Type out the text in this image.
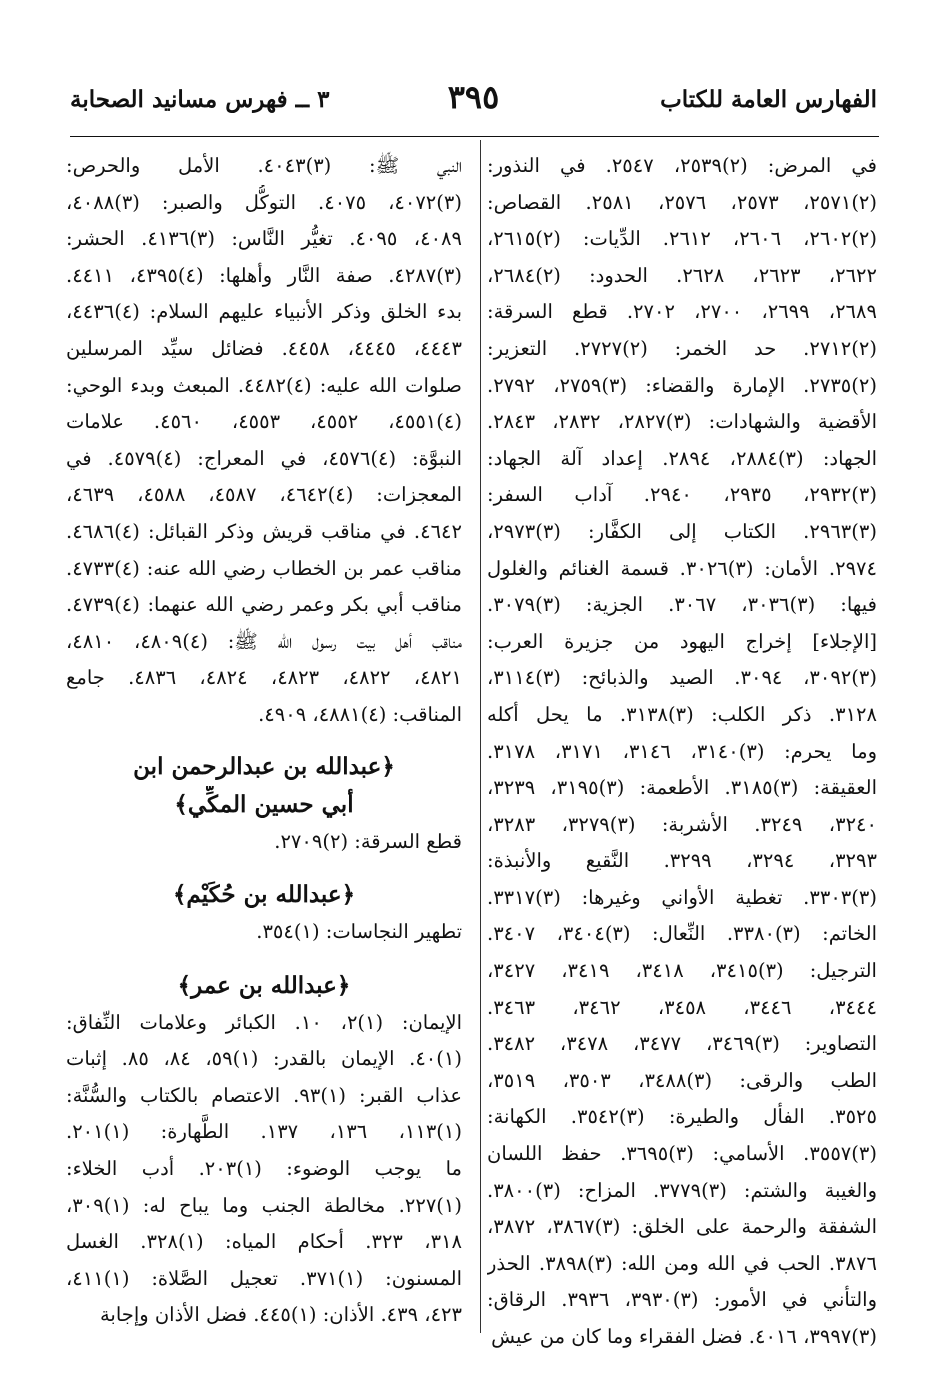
الفهارس العامة للكتاب
٣٩٥
٣ ــ فهرس مسانيد الصحابة
في المرض: (٢)٢٥٣٩، ٢٥٤٧. في النذور:
(٢)٢٥٧١، ٢٥٧٣، ٢٥٧٦، ٢٥٨١. القصاص:
(٢)٢٦٠٢، ٢٦٠٦، ٢٦١٢. الدِّيات: (٢)٢٦١٥،
٢٦٢٢، ٢٦٢٣، ٢٦٢٨. الحدود: (٢)٢٦٨٤،
٢٦٨٩، ٢٦٩٩، ٢٧٠٠، ٢٧٠٢. قطع السرقة:
(٢)٢٧١٢. حد الخمر: (٢)٢٧٢٧. التعزير:
(٢)٢٧٣٥. الإمارة والقضاء: (٣)٢٧٥٩، ٢٧٩٢.
الأقضية والشهادات: (٣)٢٨٢٧، ٢٨٣٢، ٢٨٤٣.
الجهاد: (٣)٢٨٨٤، ٢٨٩٤. إعداد آلة الجهاد:
(٣)٢٩٣٢، ٢٩٣٥، ٢٩٤٠. آداب السفر:
(٣)٢٩٦٣. الكتاب إلى الكفَّار: (٣)٢٩٧٣،
٢٩٧٤. الأمان: (٣)٣٠٢٦. قسمة الغنائم والغلول
فيها: (٣)٣٠٣٦، ٣٠٦٧. الجزية: (٣)٣٠٧٩.
[الإجلاء] إخراج اليهود من جزيرة العرب:
(٣)٣٠٩٢، ٣٠٩٤. الصيد والذبائح: (٣)٣١١٤،
٣١٢٨. ذكر الكلب: (٣)٣١٣٨. ما يحل أكله
وما يحرم: (٣)٣١٤٠، ٣١٤٦، ٣١٧١، ٣١٧٨.
العقيقة: (٣)٣١٨٥. الأطعمة: (٣)٣١٩٥، ٣٢٣٩،
٣٢٤٠، ٣٢٤٩. الأشربة: (٣)٣٢٧٩، ٣٢٨٣،
٣٢٩٣، ٣٢٩٤، ٣٢٩٩. النَّقيع والأنبذة:
(٣)٣٣٠٣. تغطية الأواني وغيرها: (٣)٣٣١٧.
الخاتم: (٣)٣٣٨٠. النِّعال: (٣)٣٤٠٤، ٣٤٠٧.
الترجيل: (٣)٣٤١٥، ٣٤١٨، ٣٤١٩، ٣٤٢٧،
٣٤٤٤، ٣٤٤٦، ٣٤٥٨، ٣٤٦٢، ٣٤٦٣.
التصاوير: (٣)٣٤٦٩، ٣٤٧٧، ٣٤٧٨، ٣٤٨٢.
الطب والرقى: (٣)٣٤٨٨، ٣٥٠٣، ٣٥١٩،
٣٥٢٥. الفأل والطيرة: (٣)٣٥٤٢. الكهانة:
(٣)٣٥٥٧. الأسامي: (٣)٣٦٩٥. حفظ اللسان
والغيبة والشتم: (٣)٣٧٧٩. المزاح: (٣)٣٨٠٠.
الشفقة والرحمة على الخلق: (٣)٣٨٦٧، ٣٨٧٢،
٣٨٧٦. الحب في الله ومن الله: (٣)٣٨٩٨. الحذر
والتأني في الأمور: (٣)٣٩٣٠، ٣٩٣٦. الرقاق:
(٣)٣٩٩٧، ٤٠١٦. فضل الفقراء وما كان من عيش
النبي ﷺ: (٣)٤٠٤٣. الأمل والحرص:
(٣)٤٠٧٢، ٤٠٧٥. التوكُّل والصبر: (٣)٤٠٨٨،
٤٠٨٩، ٤٠٩٥. تغيُّر النَّاس: (٣)٤١٣٦. الحشر:
(٣)٤٢٨٧. صفة النَّار وأهلها: (٤)٤٣٩٥، ٤٤١١.
بدء الخلق وذكر الأنبياء عليهم السلام: (٤)٤٤٣٦،
٤٤٤٣، ٤٤٤٥، ٤٤٥٨. فضائل سيِّد المرسلين
صلوات الله عليه: (٤)٤٤٨٢. المبعث وبدء الوحي:
(٤)٤٥٥١، ٤٥٥٢، ٤٥٥٣، ٤٥٦٠. علامات
النبوَّة: (٤)٤٥٧٦، في المعراج: (٤)٤٥٧٩. في
المعجزات: (٤)٤٦٤٢، ٤٥٨٧، ٤٥٨٨، ٤٦٣٩،
٤٦٤٢. في مناقب قريش وذكر القبائل: (٤)٤٦٨٦.
مناقب عمر بن الخطاب رضي الله عنه: (٤)٤٧٣٣.
مناقب أبي بكر وعمر رضي الله عنهما: (٤)٤٧٣٩.
مناقب أهل بيت رسول الله ﷺ: (٤)٤٨٠٩، ٤٨١٠،
٤٨٢١، ٤٨٢٢، ٤٨٢٣، ٤٨٢٤، ٤٨٣٦. جامع
المناقب: (٤)٤٨٨١، ٤٩٠٩.
﴿عبدالله بن عبدالرحمن ابن
أبي حسين المكِّي﴾
قطع السرقة: (٢)٢٧٠٩.
﴿عبدالله بن حُكَيْم﴾
تطهير النجاسات: (١)٣٥٤.
﴿عبدالله بن عمر﴾
الإيمان: (١)٢، ١٠. الكبائر وعلامات النِّفاق:
(١)٤٠. الإيمان بالقدر: (١)٥٩، ٨٤، ٨٥. إثبات
عذاب القبر: (١)٩٣. الاعتصام بالكتاب والسُّنَّة:
(١)١١٣، ١٣٦، ١٣٧. الطَّهارة: (١)٢٠١.
ما يوجب الوضوء: (١)٢٠٣. أدب الخلاء:
(١)٢٢٧. مخالطة الجنب وما يباح له: (١)٣٠٩،
٣١٨، ٣٢٣. أحكام المياه: (١)٣٢٨. الغسل
المسنون: (١)٣٧١. تعجيل الصَّلاة: (١)٤١١،
٤٢٣، ٤٣٩. الأذان: (١)٤٤٥. فضل الأذان وإجابة
